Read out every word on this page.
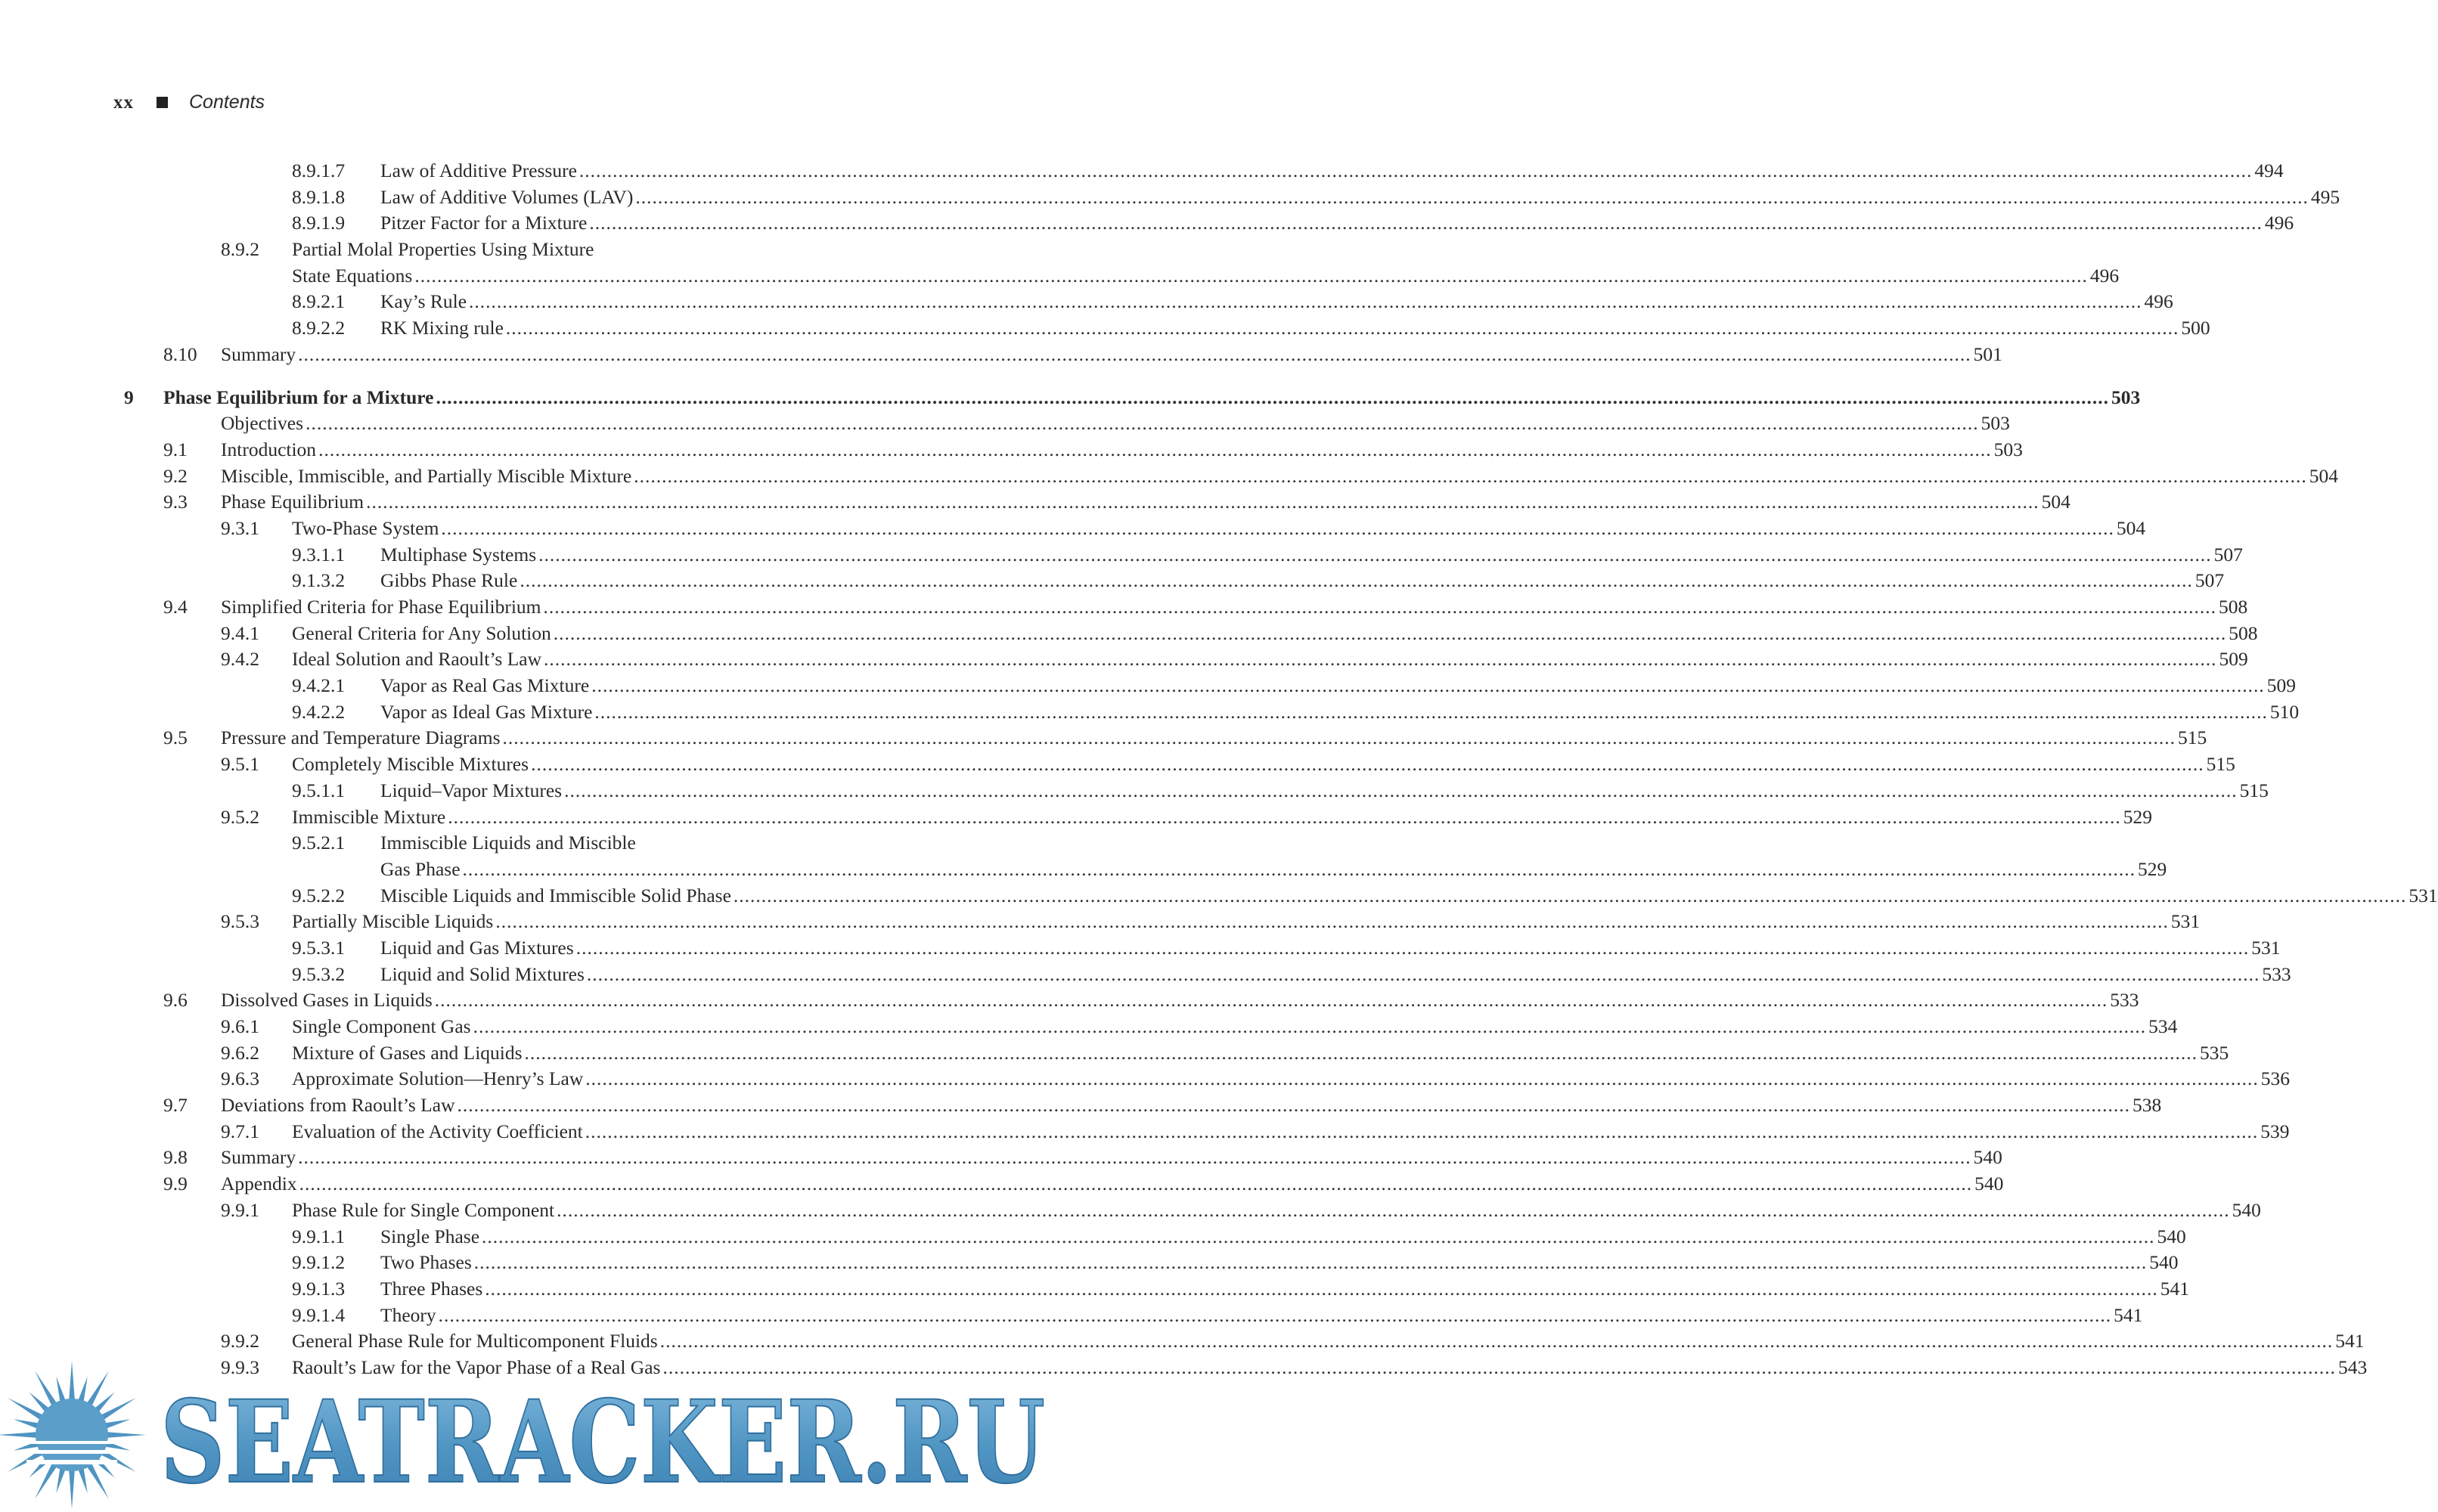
xx	Contents
8.9.1.7 Law of Additive Pressure ............................................................................................................................................................................................................................................................................................................ 494
8.9.1.8 Law of Additive Volumes (LAV) ............................................................................................................................................................................................................................................................................................................ 495
8.9.1.9 Pitzer Factor for a Mixture ............................................................................................................................................................................................................................................................................................................ 496
8.9.2 Partial Molal Properties Using Mixture
State Equations ............................................................................................................................................................................................................................................................................................................ 496
8.9.2.1 Kay’s Rule ............................................................................................................................................................................................................................................................................................................ 496
8.9.2.2 RK Mixing rule ............................................................................................................................................................................................................................................................................................................ 500
8.10 Summary ............................................................................................................................................................................................................................................................................................................ 501
9 Phase Equilibrium for a Mixture ............................................................................................................................................................................................................................................................................................................ 503
Objectives ............................................................................................................................................................................................................................................................................................................ 503
9.1 Introduction ............................................................................................................................................................................................................................................................................................................ 503
9.2 Miscible, Immiscible, and Partially Miscible Mixture ............................................................................................................................................................................................................................................................................................................ 504
9.3 Phase Equilibrium ............................................................................................................................................................................................................................................................................................................ 504
9.3.1 Two-Phase System ............................................................................................................................................................................................................................................................................................................ 504
9.3.1.1 Multiphase Systems ............................................................................................................................................................................................................................................................................................................ 507
9.1.3.2 Gibbs Phase Rule ............................................................................................................................................................................................................................................................................................................ 507
9.4 Simplified Criteria for Phase Equilibrium ............................................................................................................................................................................................................................................................................................................ 508
9.4.1 General Criteria for Any Solution ............................................................................................................................................................................................................................................................................................................ 508
9.4.2 Ideal Solution and Raoult’s Law ............................................................................................................................................................................................................................................................................................................ 509
9.4.2.1 Vapor as Real Gas Mixture ............................................................................................................................................................................................................................................................................................................ 509
9.4.2.2 Vapor as Ideal Gas Mixture ............................................................................................................................................................................................................................................................................................................ 510
9.5 Pressure and Temperature Diagrams ............................................................................................................................................................................................................................................................................................................ 515
9.5.1 Completely Miscible Mixtures ............................................................................................................................................................................................................................................................................................................ 515
9.5.1.1 Liquid–Vapor Mixtures ............................................................................................................................................................................................................................................................................................................ 515
9.5.2 Immiscible Mixture ............................................................................................................................................................................................................................................................................................................ 529
9.5.2.1 Immiscible Liquids and Miscible
Gas Phase ............................................................................................................................................................................................................................................................................................................ 529
9.5.2.2 Miscible Liquids and Immiscible Solid Phase ............................................................................................................................................................................................................................................................................................................ 531
9.5.3 Partially Miscible Liquids ............................................................................................................................................................................................................................................................................................................ 531
9.5.3.1 Liquid and Gas Mixtures ............................................................................................................................................................................................................................................................................................................ 531
9.5.3.2 Liquid and Solid Mixtures ............................................................................................................................................................................................................................................................................................................ 533
9.6 Dissolved Gases in Liquids ............................................................................................................................................................................................................................................................................................................ 533
9.6.1 Single Component Gas ............................................................................................................................................................................................................................................................................................................ 534
9.6.2 Mixture of Gases and Liquids ............................................................................................................................................................................................................................................................................................................ 535
9.6.3 Approximate Solution—Henry’s Law ............................................................................................................................................................................................................................................................................................................ 536
9.7 Deviations from Raoult’s Law ............................................................................................................................................................................................................................................................................................................ 538
9.7.1 Evaluation of the Activity Coefficient ............................................................................................................................................................................................................................................................................................................ 539
9.8 Summary ............................................................................................................................................................................................................................................................................................................ 540
9.9 Appendix ............................................................................................................................................................................................................................................................................................................ 540
9.9.1 Phase Rule for Single Component ............................................................................................................................................................................................................................................................................................................ 540
9.9.1.1 Single Phase ............................................................................................................................................................................................................................................................................................................ 540
9.9.1.2 Two Phases ............................................................................................................................................................................................................................................................................................................ 540
9.9.1.3 Three Phases ............................................................................................................................................................................................................................................................................................................ 541
9.9.1.4 Theory ............................................................................................................................................................................................................................................................................................................ 541
9.9.2 General Phase Rule for Multicomponent Fluids ............................................................................................................................................................................................................................................................................................................ 541
9.9.3 Raoult’s Law for the Vapor Phase of a Real Gas ............................................................................................................................................................................................................................................................................................................ 543
SEATRACKER.RU
